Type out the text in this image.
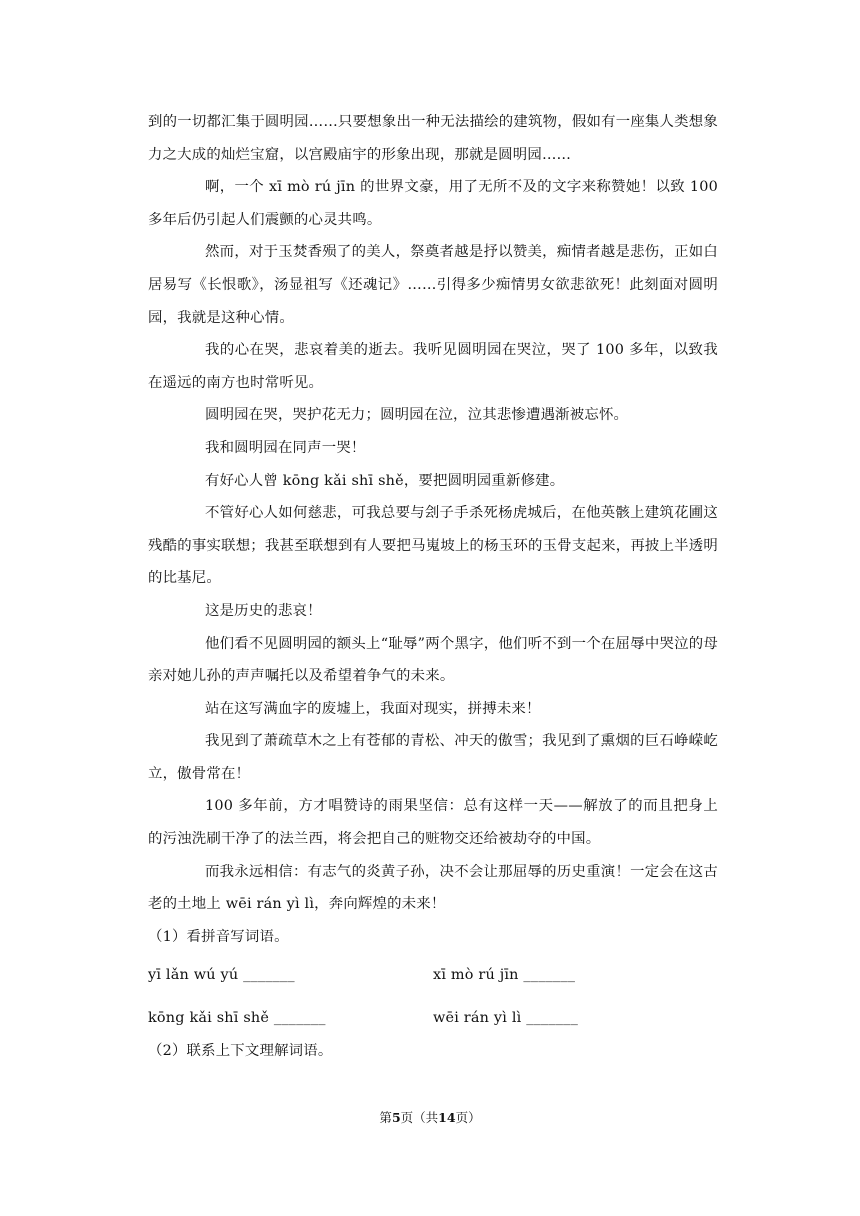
到的一切都汇集于圆明园……只要想象出一种无法描绘的建筑物，假如有一座集人类想象力之大成的灿烂宝窟，以宫殿庙宇的形象出现，那就是圆明园……

啊，一个 xī mò rú jīn 的世界文豪，用了无所不及的文字来称赞她！以致 100 多年后仍引起人们震颤的心灵共鸣。

然而，对于玉焚香殒了的美人，祭奠者越是抒以赞美，痴情者越是悲伤，正如白居易写《长恨歌》，汤显祖写《还魂记》……引得多少痴情男女欲悲欲死！此刻面对圆明园，我就是这种心情。

我的心在哭，悲哀着美的逝去。我听见圆明园在哭泣，哭了 100 多年，以致我在遥远的南方也时常听见。

圆明园在哭，哭护花无力；圆明园在泣，泣其悲惨遭遇渐被忘怀。

我和圆明园在同声一哭！

有好心人曾 kōng kǎi shī shě，要把圆明园重新修建。

不管好心人如何慈悲，可我总要与刽子手杀死杨虎城后，在他英骸上建筑花圃这残酷的事实联想；我甚至联想到有人要把马嵬坡上的杨玉环的玉骨支起来，再披上半透明的比基尼。

这是历史的悲哀！

他们看不见圆明园的额头上“耻辱”两个黑字，他们听不到一个在屈辱中哭泣的母亲对她儿孙的声声嘱托以及希望着争气的未来。

站在这写满血字的废墟上，我面对现实，拼搏未来！

我见到了萧疏草木之上有苍郁的青松、冲天的傲雪；我见到了熏烟的巨石峥嵘屹立，傲骨常在！

100 多年前，方才唱赞诗的雨果坚信：总有这样一天——解放了的而且把身上的污浊洗刷干净了的法兰西，将会把自己的赃物交还给被劫夺的中国。

而我永远相信：有志气的炎黄子孙，决不会让那屈辱的历史重演！一定会在这古老的土地上 wēi rán yì lì，奔向辉煌的未来！

（1）看拼音写词语。

yī lǎn wú yú _______	xī mò rú jīn _______
kōng kǎi shī shě _______	wēi rán yì lì _______

（2）联系上下文理解词语。

第5页（共14页）
